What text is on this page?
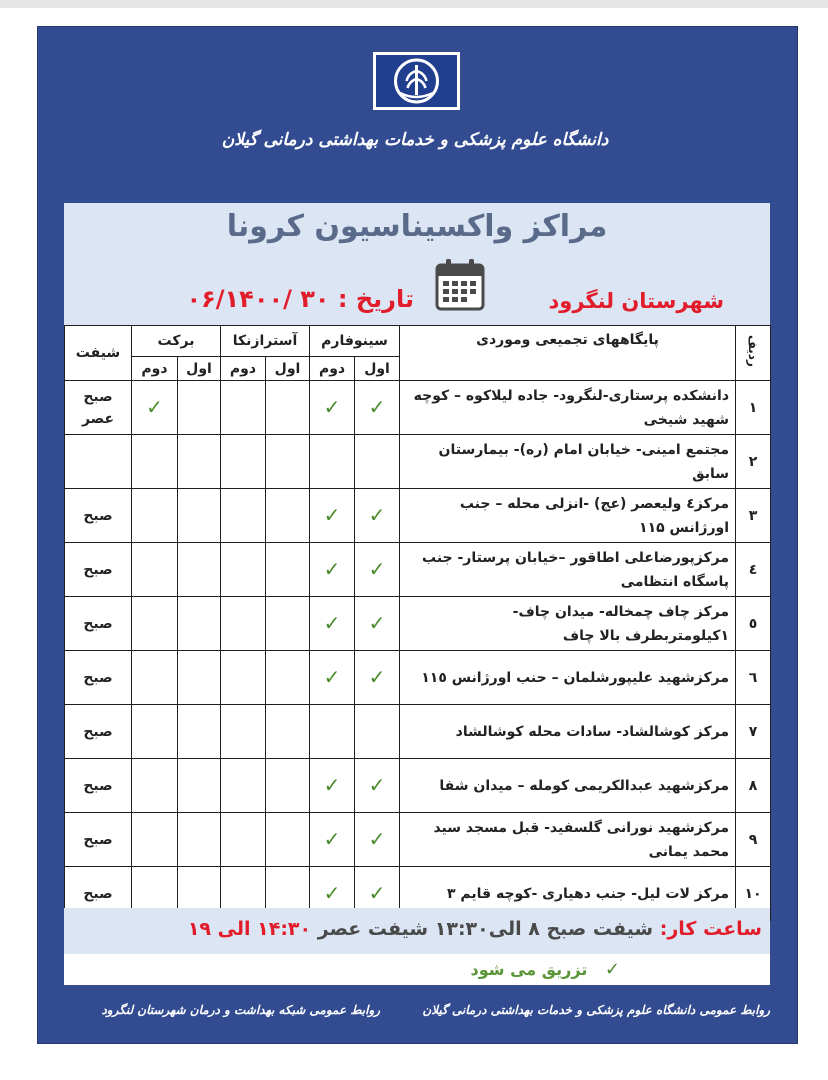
دانشگاه علوم پزشکی و خدمات بهداشتی درمانی گیلان
مراکز واکسیناسیون کرونا
شهرستان لنگرود
تاریخ : ۳۰ /۰۶/۱۴۰۰
شیفت	برکت		آسترازنکا		سینوفارم		پایگاههای تجمیعی وموردی	ردیف
	دوم	اول	دوم	اول	دوم	اول		
صبح عصر	✓				✓	✓	دانشکده پرستاری-لنگرود- جاده لیلاکوه – کوچه شهید شیخی	۱
							مجتمع امینی- خیابان امام (ره)- بیمارستان سابق	۲
صبح					✓	✓	مرکز٤ ولیعصر (عج) -انزلی محله – جنب اورژانس ۱۱۵	۳
صبح					✓	✓	مرکزپورضاعلی اطاقور –خیابان پرستار- جنب پاسگاه انتظامی	٤
صبح					✓	✓	مرکز چاف چمخاله- میدان چاف- ۱کیلومتربطرف بالا چاف	٥
صبح					✓	✓	مرکزشهید علیپورشلمان – حنب اورژانس ۱۱٥	٦
صبح							مرکز کوشالشاد- سادات محله کوشالشاد	۷
صبح					✓	✓	مرکزشهید عبدالکریمی کومله – میدان شفا	۸
صبح					✓	✓	مرکزشهید نورانی گلسفید- قبل مسجد سید محمد یمانی	۹
صبح					✓	✓	مرکز لات لیل- جنب دهیاری -کوچه قایم ۳	۱۰
ساعت کار: شیفت صبح ۸ الی۱۳:۳۰ شیفت عصر ۱۴:۳۰ الی ۱۹
✓ تزریق می شود
روابط عمومی دانشگاه علوم پزشکی و خدمات بهداشتی درمانی گیلان
روابط عمومی شبکه بهداشت و درمان شهرستان لنگرود
